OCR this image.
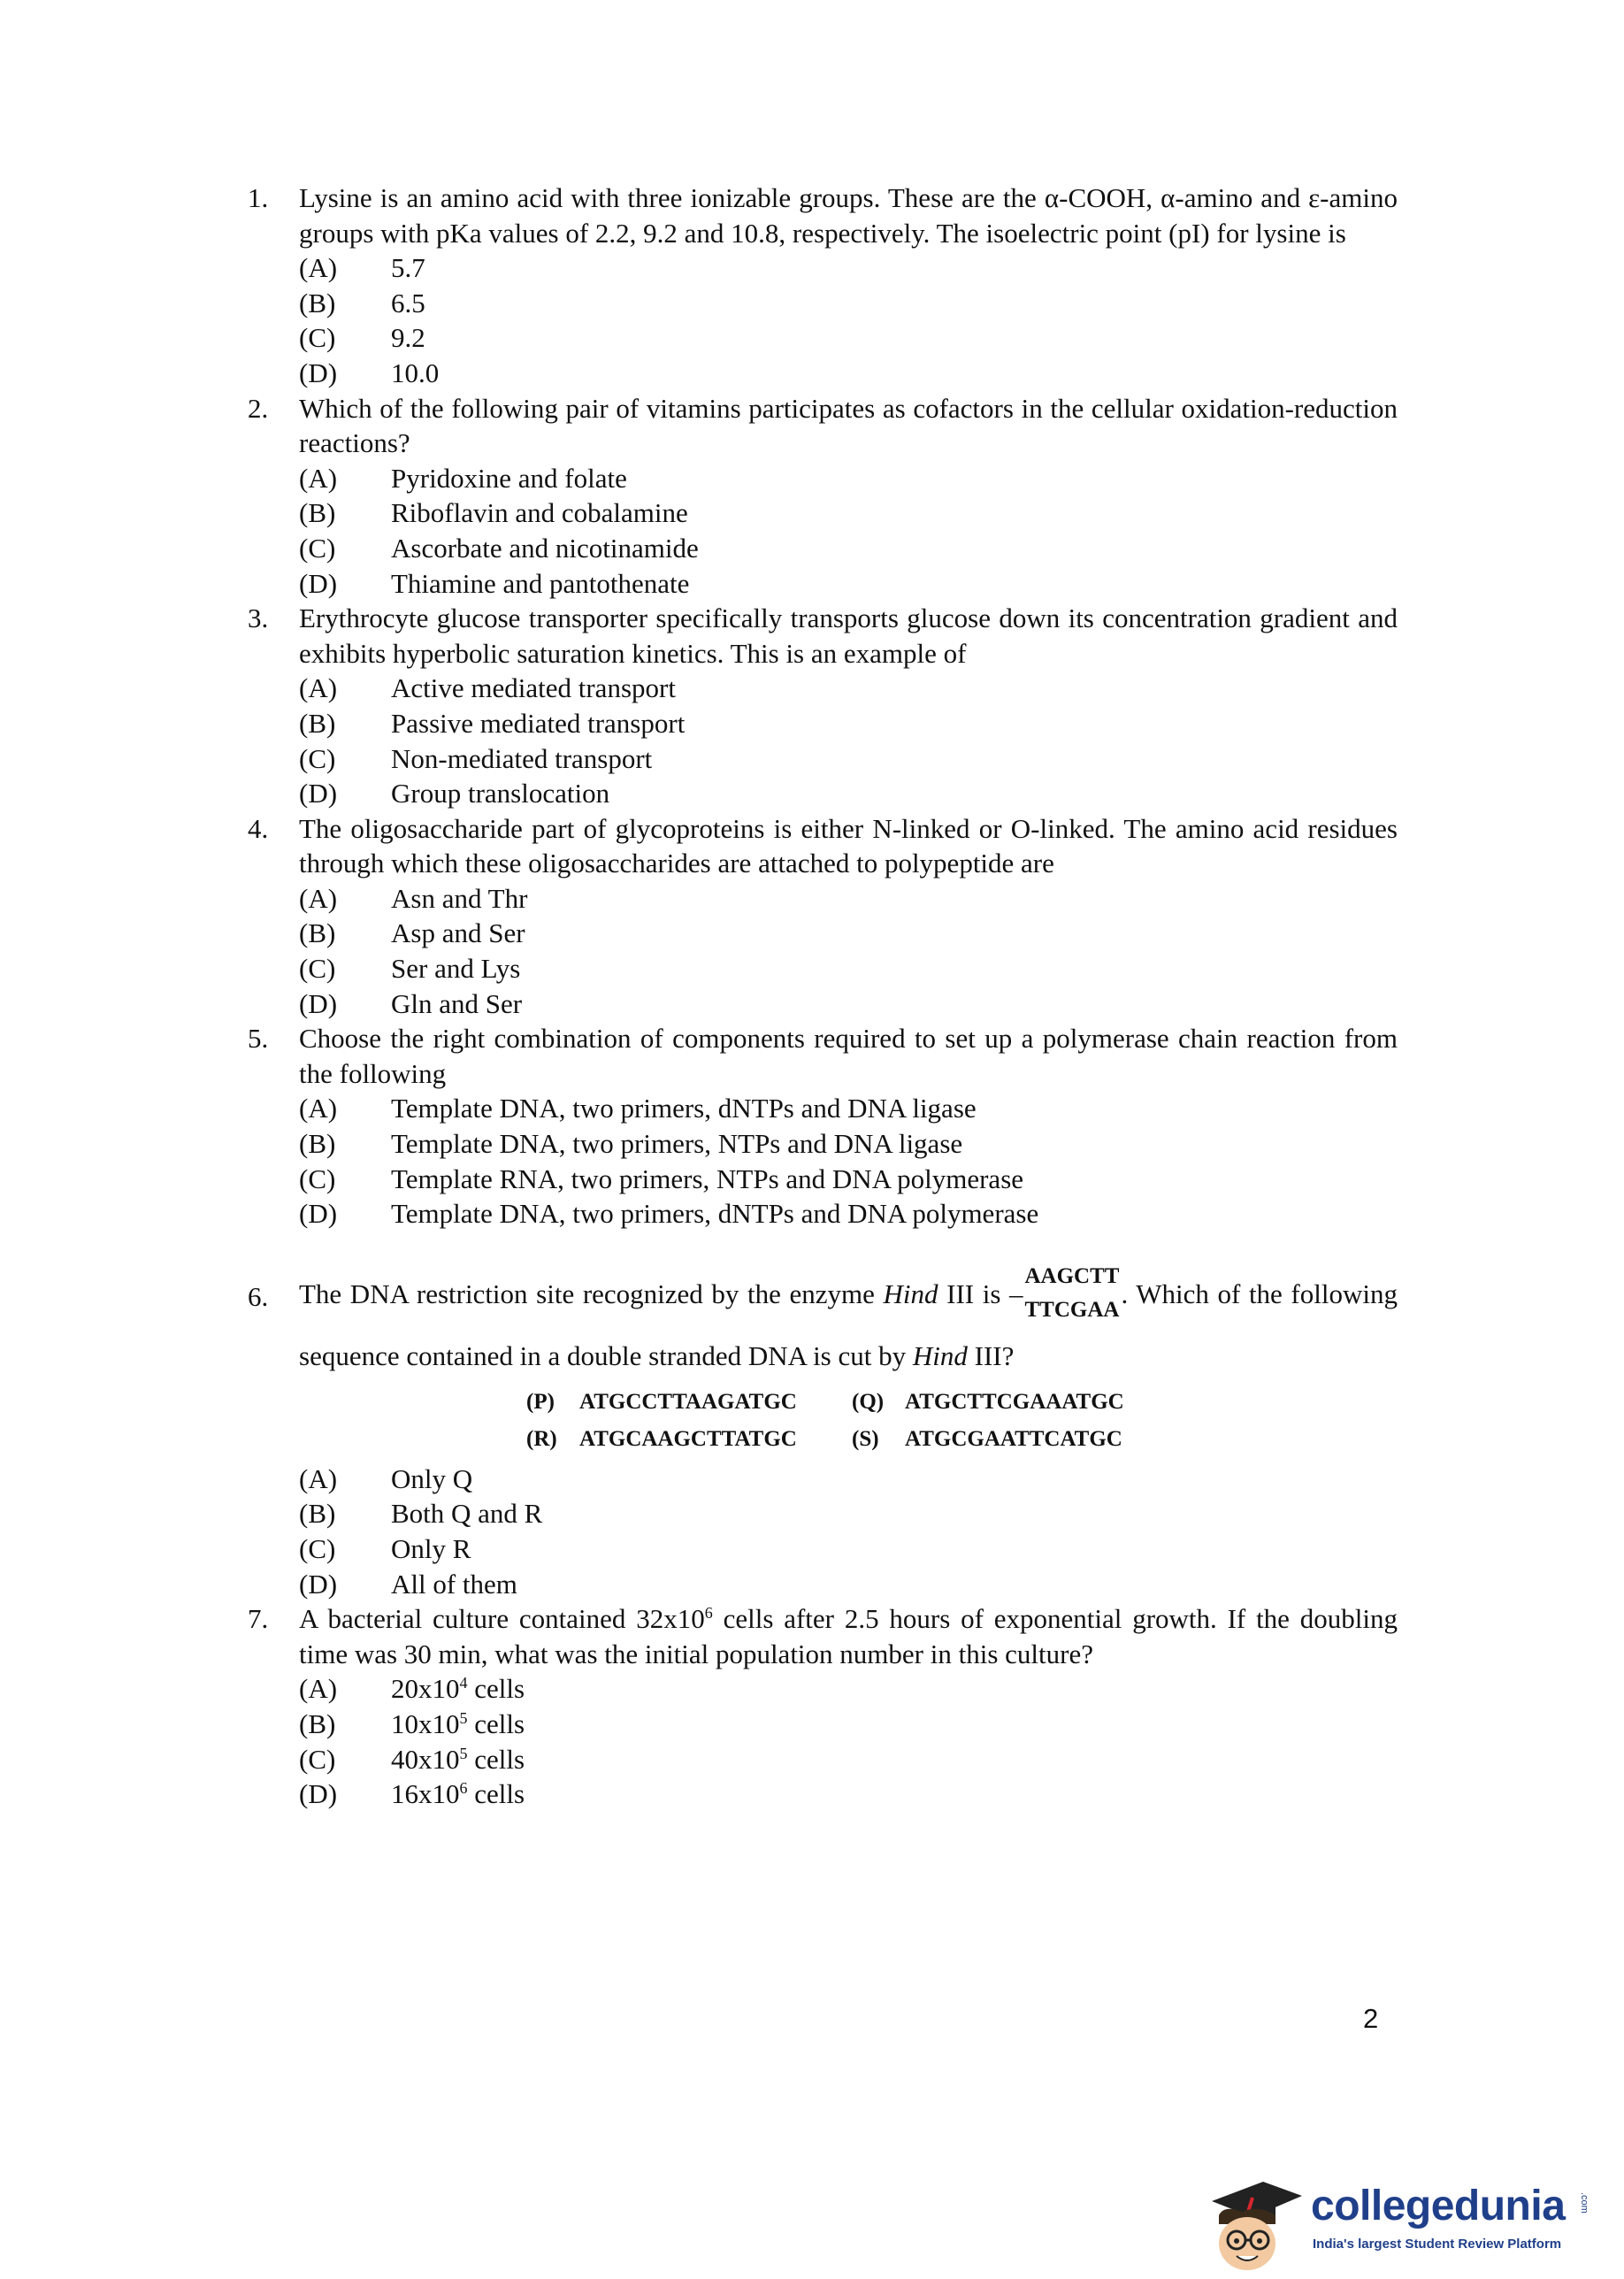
1. Lysine is an amino acid with three ionizable groups. These are the α-COOH, α-amino and ε-amino groups with pKa values of 2.2, 9.2 and 10.8, respectively. The isoelectric point (pI) for lysine is
(A)	5.7
(B)	6.5
(C)	9.2
(D)	10.0
2. Which of the following pair of vitamins participates as cofactors in the cellular oxidation-reduction reactions?
(A)	Pyridoxine and folate
(B)	Riboflavin and cobalamine
(C)	Ascorbate and nicotinamide
(D)	Thiamine and pantothenate
3. Erythrocyte glucose transporter specifically transports glucose down its concentration gradient and exhibits hyperbolic saturation kinetics. This is an example of
(A)	Active mediated transport
(B)	Passive mediated transport
(C)	Non-mediated transport
(D)	Group translocation
4. The oligosaccharide part of glycoproteins is either N-linked or O-linked. The amino acid residues through which these oligosaccharides are attached to polypeptide are
(A)	Asn and Thr
(B)	Asp and Ser
(C)	Ser and Lys
(D)	Gln and Ser
5. Choose the right combination of components required to set up a polymerase chain reaction from the following
(A)	Template DNA, two primers, dNTPs and DNA ligase
(B)	Template DNA, two primers, NTPs and DNA ligase
(C)	Template RNA, two primers, NTPs and DNA polymerase
(D)	Template DNA, two primers, dNTPs and DNA polymerase
6. The DNA restriction site recognized by the enzyme Hind III is –
AAGCTT
TTCGAA
. Which of the following sequence contained in a double stranded DNA is cut by Hind III?
(P)	ATGCCTTAAGATGC	(Q) ATGCTTCGAAATGC
(R)	ATGCAAGCTTATGC	(S)	ATGCGAATTCATGC
(A)	Only Q
(B)	Both Q and R
(C)	Only R
(D)	All of them
7. A bacterial culture contained $32x10^6$ cells after 2.5 hours of exponential growth. If the doubling time was 30 min, what was the initial population number in this culture?
(A)	$20x10^4$ cells
(B)	$10x10^5$ cells
(C)	$40x10^5$ cells
(D)	$16x10^6$ cells
2
collegedunia .com
India's largest Student Review Platform
